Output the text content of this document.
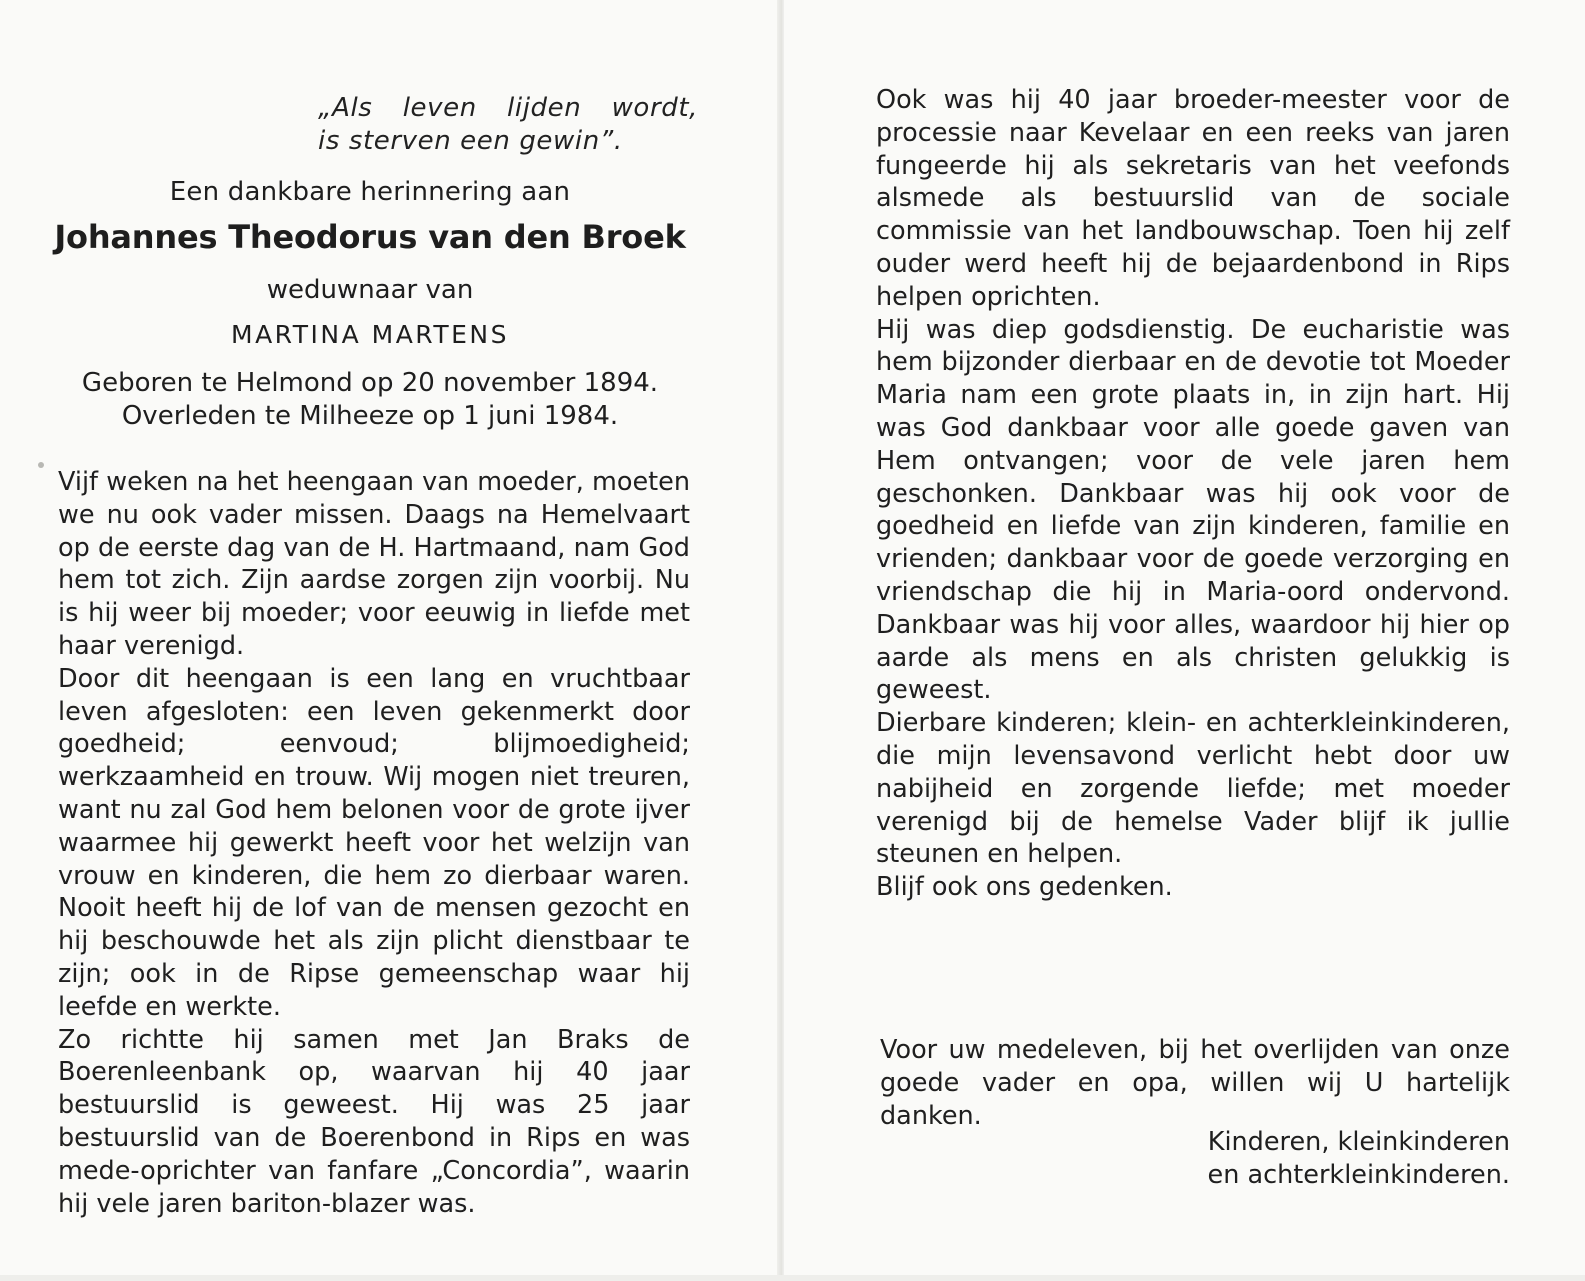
„Als leven lijden wordt,
is sterven een gewin”.
Een dankbare herinnering aan
Johannes Theodorus van den Broek
weduwnaar van
MARTINA MARTENS
Geboren te Helmond op 20 november 1894.
Overleden te Milheeze op 1 juni 1984.

Vijf weken na het heengaan van moeder, moeten we nu ook vader missen. Daags na Hemelvaart op de eerste dag van de H. Hartmaand, nam God hem tot zich. Zijn aardse zorgen zijn voorbij. Nu is hij weer bij moeder; voor eeuwig in liefde met haar verenigd.

Door dit heengaan is een lang en vruchtbaar leven afgesloten: een leven gekenmerkt door goedheid; eenvoud; blijmoedigheid; werkzaamheid en trouw. Wij mogen niet treuren, want nu zal God hem belonen voor de grote ijver waarmee hij gewerkt heeft voor het welzijn van vrouw en kinderen, die hem zo dierbaar waren. Nooit heeft hij de lof van de mensen gezocht en hij beschouwde het als zijn plicht dienstbaar te zijn; ook in de Ripse gemeenschap waar hij leefde en werkte.

Zo richtte hij samen met Jan Braks de Boerenleenbank op, waarvan hij 40 jaar bestuurslid is geweest. Hij was 25 jaar bestuurslid van de Boerenbond in Rips en was mede-oprichter van fanfare „Concordia”, waarin hij vele jaren bariton-blazer was.

Ook was hij 40 jaar broeder-meester voor de processie naar Kevelaar en een reeks van jaren fungeerde hij als sekretaris van het veefonds alsmede als bestuurslid van de sociale commissie van het landbouwschap. Toen hij zelf ouder werd heeft hij de bejaardenbond in Rips helpen oprichten.

Hij was diep godsdienstig. De eucharistie was hem bijzonder dierbaar en de devotie tot Moeder Maria nam een grote plaats in, in zijn hart. Hij was God dankbaar voor alle goede gaven van Hem ontvangen; voor de vele jaren hem geschonken. Dankbaar was hij ook voor de goedheid en liefde van zijn kinderen, familie en vrienden; dankbaar voor de goede verzorging en vriendschap die hij in Maria-oord ondervond. Dankbaar was hij voor alles, waardoor hij hier op aarde als mens en als christen gelukkig is geweest.

Dierbare kinderen; klein- en achterkleinkinderen, die mijn levensavond verlicht hebt door uw nabijheid en zorgende liefde; met moeder verenigd bij de hemelse Vader blijf ik jullie steunen en helpen.

Blijf ook ons gedenken.

Voor uw medeleven, bij het overlijden van onze goede vader en opa, willen wij U hartelijk danken.

Kinderen, kleinkinderen
en achterkleinkinderen.
